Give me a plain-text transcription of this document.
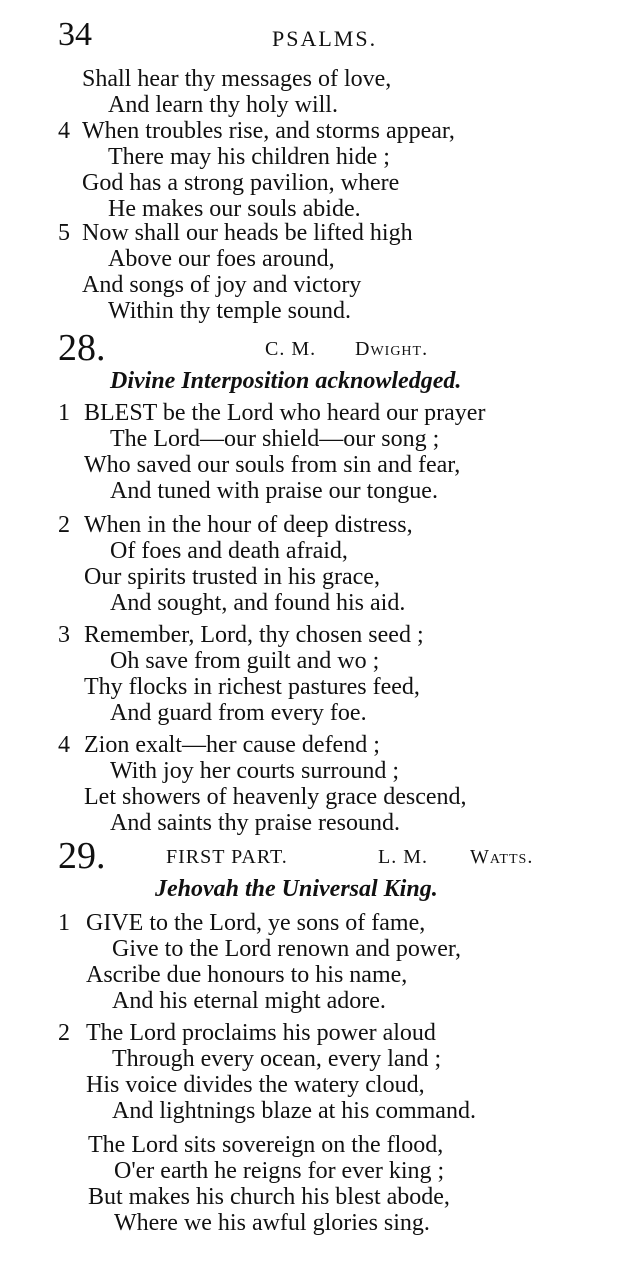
34	PSALMS.
Shall hear thy messages of love,
And learn thy holy will.
4 When troubles rise, and storms appear,
There may his children hide ;
God has a strong pavilion, where
He makes our souls abide.
5 Now shall our heads be lifted high
Above our foes around,
And songs of joy and victory
Within thy temple sound.
28.	C. M. Dwight.
Divine Interposition acknowledged.
1 BLEST be the Lord who heard our prayer
The Lord—our shield—our song ;
Who saved our souls from sin and fear,
And tuned with praise our tongue.
2 When in the hour of deep distress,
Of foes and death afraid,
Our spirits trusted in his grace,
And sought, and found his aid.
3 Remember, Lord, thy chosen seed ;
Oh save from guilt and wo ;
Thy flocks in richest pastures feed,
And guard from every foe.
4 Zion exalt—her cause defend ;
With joy her courts surround ;
Let showers of heavenly grace descend,
And saints thy praise resound.
29.	FIRST PART.	L. M. Watts.
Jehovah the Universal King.
1 GIVE to the Lord, ye sons of fame,
Give to the Lord renown and power,
Ascribe due honours to his name,
And his eternal might adore.
2 The Lord proclaims his power aloud
Through every ocean, every land ;
His voice divides the watery cloud,
And lightnings blaze at his command.
The Lord sits sovereign on the flood,
O'er earth he reigns for ever king ;
But makes his church his blest abode,
Where we his awful glories sing.
